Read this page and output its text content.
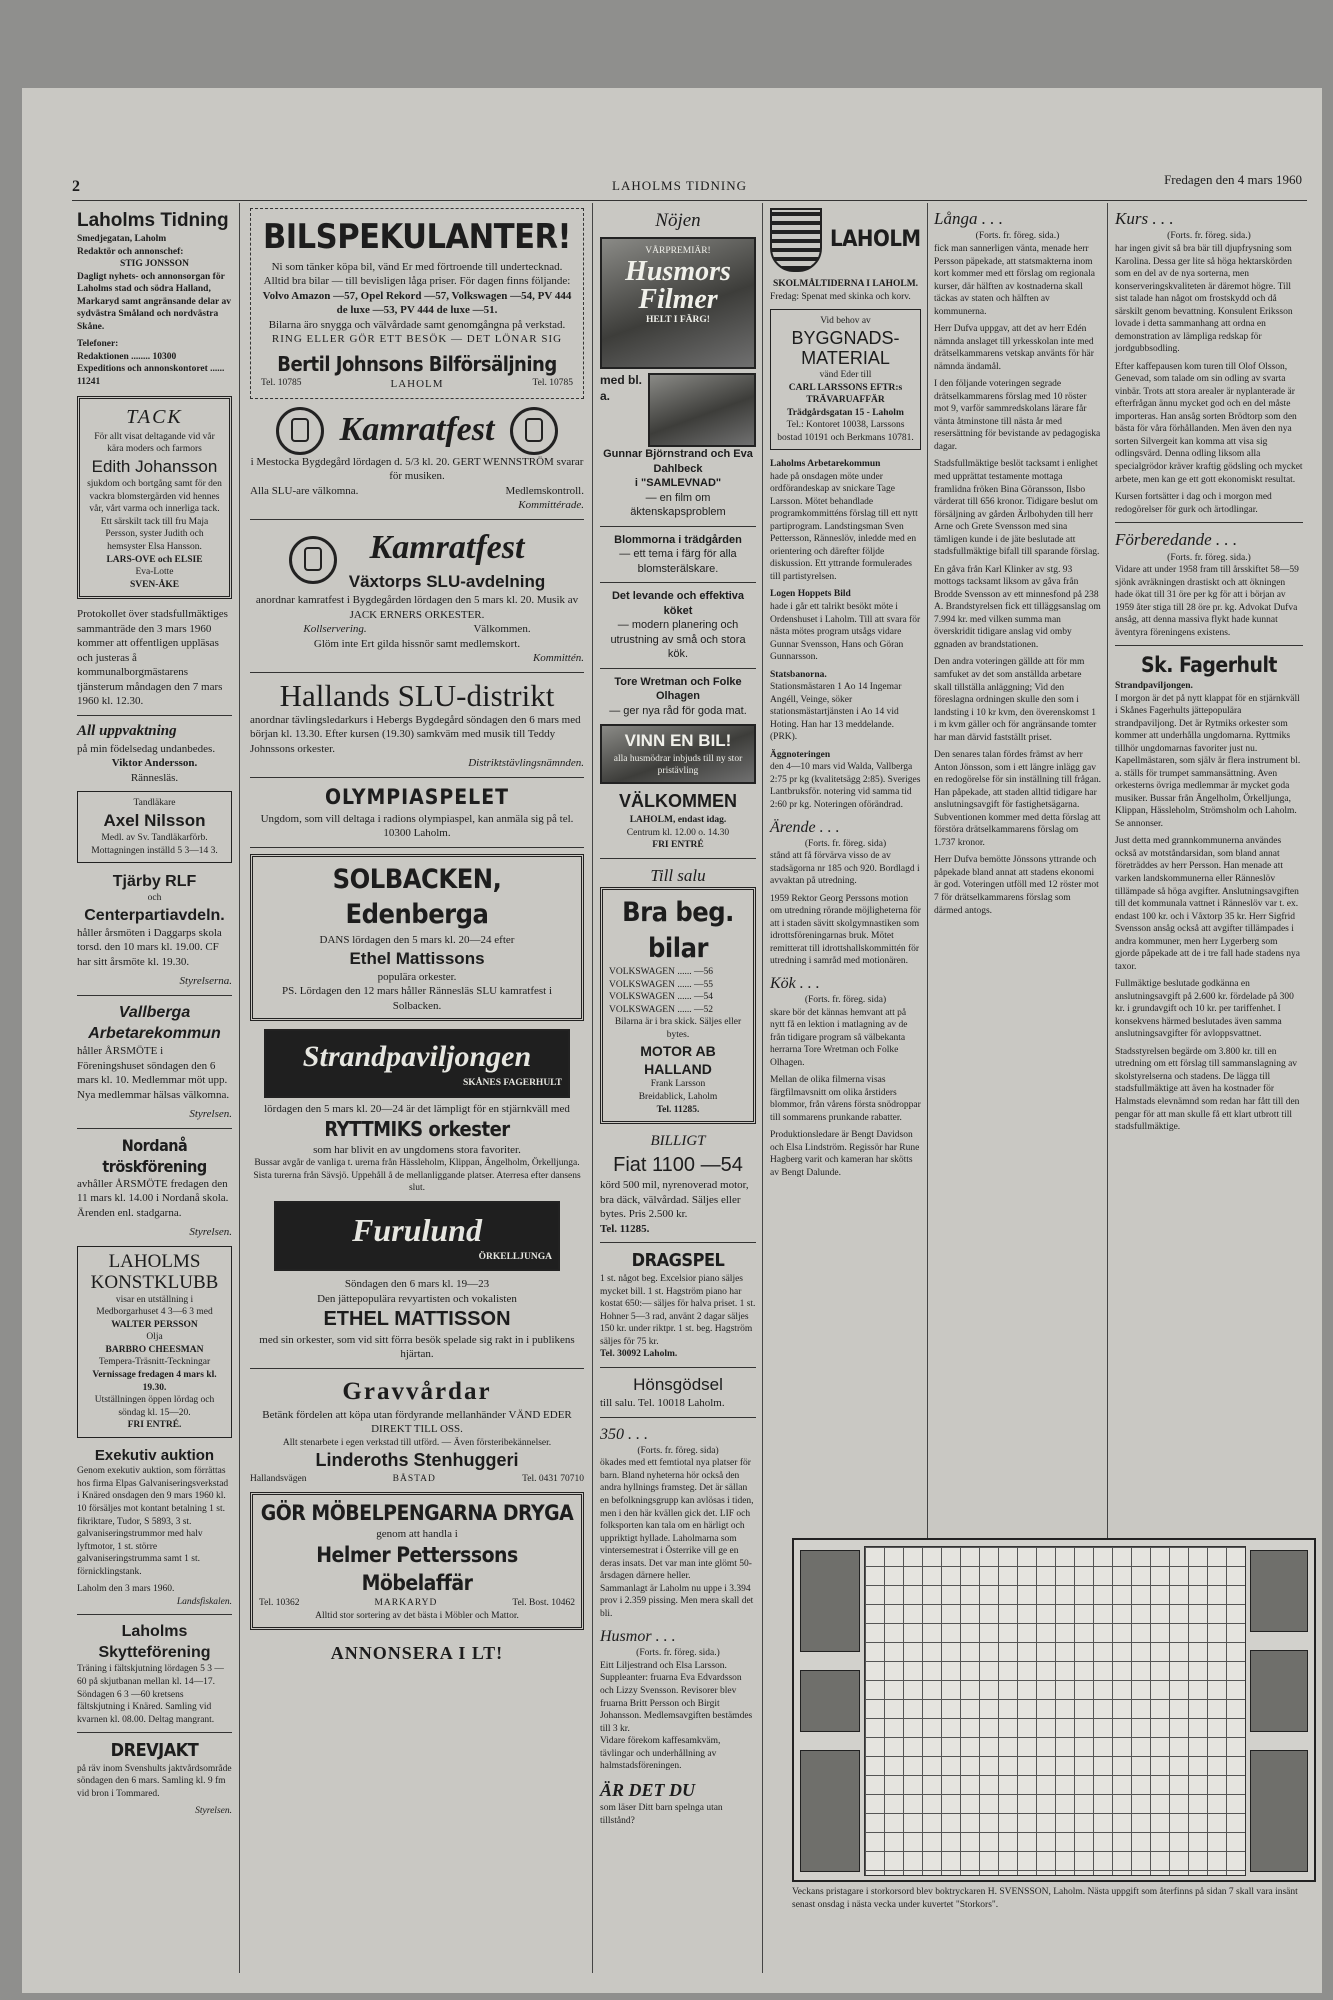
2	LAHOLMS TIDNING	Fredagen den 4 mars 1960
Laholms Tidning
Smedjegatan, Laholm
Redaktör och annonschef:
STIG JONSSON

Dagligt nyhets- och annonsorgan för Laholms stad och södra Halland, Markaryd samt angränsande delar av sydvästra Småland och nordvästra Skåne.

Telefoner:
Redaktionen ........ 10300
Expeditions och annonskontoret ...... 11241
TACK
För allt visat deltagande vid vår kära moders och farmors
Edith Johansson
sjukdom och bortgång samt för den vackra blomstergärden vid hennes vår, vårt varma och innerliga tack. Ett särskilt tack till fru Maja Persson, syster Judith och hemsyster Elsa Hansson.
LARS-OVE och ELSIE
Eva-Lotte
SVEN-ÅKE

Protokollet över stadsfullmäktiges sammanträde den 3 mars 1960 kommer att offentligen uppläsas och justeras å kommunalborgmästarens tjänsterum måndagen den 7 mars 1960 kl. 12.30.

All uppvaktning
på min födelsedag undanbedes.
Viktor Andersson.
Rännesläs.
Tandläkare
Axel Nilsson
Medl. av Sv. Tandläkarförb.
Mottagningen inställd 5 3—14 3.
Tjärby RLF
och
Centerpartiavdeln.

håller årsmöten i Daggarps skola torsd. den 10 mars kl. 19.00. CF har sitt årsmöte kl. 19.30.

Styrelserna.
Vallberga Arbetarekommun

håller ÅRSMÖTE i Föreningshuset söndagen den 6 mars kl. 10. Medlemmar möt upp. Nya medlemmar hälsas välkomna.

Styrelsen.
Nordanå tröskförening

avhåller ÅRSMÖTE fredagen den 11 mars kl. 14.00 i Nordanå skola. Ärenden enl. stadgarna.

Styrelsen.
LAHOLMS KONSTKLUBB
visar en utställning i Medborgarhuset 4 3—6 3 med
WALTER PERSSON
Olja
BARBRO CHEESMAN
Tempera-Träsnitt-Teckningar
Vernissage fredagen 4 mars kl. 19.30.
Utställningen öppen lördag och söndag kl. 15—20.
FRI ENTRÉ.
Exekutiv auktion

Genom exekutiv auktion, som förrättas hos firma Elpas Galvaniseringsverkstad i Knäred onsdagen den 9 mars 1960 kl. 10 försäljes mot kontant betalning 1 st. fikriktare, Tudor, S 5893, 3 st. galvaniseringstrummor med halv lyftmotor, 1 st. större galvaniseringstrumma samt 1 st. förnicklingstank.

Laholm den 3 mars 1960.
Landsfiskalen.
Laholms Skytteförening

Träning i fältskjutning lördagen 5 3 —60 på skjutbanan mellan kl. 14—17. Söndagen 6 3 —60 kretsens fältskjutning i Knäred. Samling vid kvarnen kl. 08.00. Deltag mangrant.

DREVJAKT

på räv inom Svenshults jaktvårdsområde söndagen den 6 mars. Samling kl. 9 fm vid bron i Tommared.

Styrelsen.
BILSPEKULANTER!
Ni som tänker köpa bil, vänd Er med förtroende till undertecknad.
Alltid bra bilar — till bevisligen låga priser. För dagen finns följande:
Volvo Amazon —57, Opel Rekord —57, Volkswagen —54, PV 444 de luxe —53, PV 444 de luxe —51.
Bilarna äro snygga och välvårdade samt genomgångna på verkstad.
RING ELLER GÖR ETT BESÖK — DET LÖNAR SIG
Bertil Johnsons Bilförsäljning
Tel. 10785	LAHOLM	Tel. 10785
Kamratfest
i Mestocka Bygdegård lördagen d. 5/3 kl. 20. GERT WENNSTRÖM svarar för musiken.
Alla SLU-are välkomna.	Medlemskontroll.
Kommittérade.
Kamratfest
Växtorps SLU-avdelning
anordnar kamratfest i Bygdegården lördagen den 5 mars kl. 20. Musik av JACK ERNERS ORKESTER.
Kollservering.	Välkommen.
Glöm inte Ert gilda hissnör samt medlemskort.
Kommittén.
Hallands SLU-distrikt
anordnar tävlingsledarkurs i Hebergs Bygdegård söndagen den 6 mars med början kl. 13.30. Efter kursen (19.30) samkväm med musik till Teddy Johnssons orkester.
Distriktstävlingsnämnden.
OLYMPIASPELET
Ungdom, som vill deltaga i radions olympiaspel, kan anmäla sig på tel. 10300 Laholm.
SOLBACKEN, Edenberga
DANS lördagen den 5 mars kl. 20—24 efter
Ethel Mattissons
populära orkester.
PS. Lördagen den 12 mars håller Rännesläs SLU kamratfest i Solbacken.
Strandpaviljongen
SKÅNES FAGERHULT
lördagen den 5 mars kl. 20—24 är det lämpligt för en stjärnkväll med
RYTTMIKS orkester
som har blivit en av ungdomens stora favoriter.
Bussar avgår de vanliga t. urerna från Hässleholm, Klippan, Ängelholm, Örkelljunga. Sista turerna från Sävsjö. Uppehåll å de mellanliggande platser. Aterresa efter dansens slut.
Furulund
ÖRKELLJUNGA
Söndagen den 6 mars kl. 19—23
Den jättepopulära revyartisten och vokalisten
ETHEL MATTISSON
med sin orkester, som vid sitt förra besök spelade sig rakt in i publikens hjärtan.
Gravvårdar
Betänk fördelen att köpa utan fördyrande mellanhänder VÄND EDER DIREKT TILL OSS.
Allt stenarbete i egen verkstad till utförd. — Även försteribekännelser.
Linderoths Stenhuggeri
Hallandsvägen	BÅSTAD	Tel. 0431 70710
GÖR MÖBELPENGARNA DRYGA
genom att handla i
Helmer Petterssons Möbelaffär
Tel. 10362	MARKARYD	Tel. Bost. 10462
Alltid stor sortering av det bästa i Möbler och Mattor.
ANNONSERA I LT!
Nöjen
VÅRPREMIÄR!
Husmors Filmer
HELT I FÄRG!
med bl. a.
Gunnar Björnstrand och Eva Dahlbeck
i "SAMLEVNAD"
— en film om äktenskapsproblem
Blommorna i trädgården
— ett tema i färg för alla blomsterälskare.
Det levande och effektiva köket
— modern planering och utrustning av små och stora kök.
Tore Wretman och Folke Olhagen
— ger nya råd för goda mat.
VINN EN BIL!
alla husmödrar inbjuds till ny stor pristävling
VÄLKOMMEN
LAHOLM, endast idag.
Centrum kl. 12.00 o. 14.30
FRI ENTRÉ
Till salu
Bra beg. bilar
VOLKSWAGEN ...... —56
VOLKSWAGEN ...... —55
VOLKSWAGEN ...... —54
VOLKSWAGEN ...... —52
Bilarna är i bra skick. Säljes eller bytes.
MOTOR AB HALLAND
Frank Larsson
Breidablick, Laholm
Tel. 11285.
BILLIGT
Fiat 1100 —54
körd 500 mil, nyrenoverad motor, bra däck, välvårdad. Säljes eller bytes. Pris 2.500 kr.
Tel. 11285.
DRAGSPEL
1 st. något beg. Excelsior piano säljes mycket bill. 1 st. Hagström piano har kostat 650:— säljes för halva priset. 1 st. Hohner 5—3 rad, använt 2 dagar säljes 150 kr. under riktpr. 1 st. beg. Hagström säljes för 75 kr.
Tel. 30092 Laholm.
Hönsgödsel
till salu. Tel. 10018 Laholm.
350 . . .
(Forts. fr. föreg. sida)
ökades med ett femtiotal nya platser för barn. Bland nyheterna hör också den andra hyllnings framsteg. Det är sällan en befolkningsgrupp kan avlösas i tiden, men i den här kvällen gick det. LIF och folksporten kan tala om en härligt och uppriktigt hyllade. Laholmarna som vintersemestrat i Österrike vill ge en deras insats. Det var man inte glömt 50-årsdagen därnere heller.
Sammanlagt är Laholm nu uppe i 3.394 prov i 2.359 pissing. Men mera skall det bli.
Husmor . . .
(Forts. fr. föreg. sida.)
Eitt Liljestrand och Elsa Larsson. Suppleanter: fruarna Eva Edvardsson och Lizzy Svensson. Revisorer blev fruarna Britt Persson och Birgit Johansson. Medlemsavgiften bestämdes till 3 kr.
Vidare förekom kaffesamkväm, tävlingar och underhållning av halmstadsföreningen.
ÄR DET DU
som läser Ditt barn spelnga utan tillstånd?
LAHOLM
SKOLMÅLTIDERNA I LAHOLM.
Fredag: Spenat med skinka och korv.
Vid behov av
BYGGNADS-MATERIAL
vänd Eder till
CARL LARSSONS EFTR:s TRÄVARUAFFÄR
Trädgårdsgatan 15 - Laholm
Tel.: Kontoret 10038, Larssons bostad 10191 och Berkmans 10781.
Laholms Arbetarekommun

hade på onsdagen möte under ordförandeskap av snickare Tage Larsson. Mötet behandlade programkommitténs förslag till ett nytt partiprogram. Landstingsman Sven Pettersson, Ränneslöv, inledde med en orientering och därefter följde diskussion. Ett yttrande formulerades till partistyrelsen.

Logen Hoppets Bild

hade i går ett talrikt besökt möte i Ordenshuset i Laholm. Till att svara för nästa mötes program utsågs vidare Gunnar Svensson, Hans och Göran Gunnarsson.

Statsbanorna.

Stationsmästaren 1 Ao 14 Ingemar Angéll, Veinge, söker stationsmästartjänsten i Ao 14 vid Hoting. Han har 13 meddelande. (PRK).

Äggnoteringen

den 4—10 mars vid Walda, Vallberga 2:75 pr kg (kvalitetsägg 2:85). Sveriges Lantbruksför. notering vid samma tid 2:60 pr kg. Noteringen oförändrad.

Ärende . . .
(Forts. fr. föreg. sida)

stånd att få förvärva visso de av stadsägorna nr 185 och 920. Bordlagd i avvaktan på utredning.

1959 Rektor Georg Perssons motion om utredning rörande möjligheterna för att i staden sävitt skolgymnastiken som idrottsföreningarnas bruk. Mötet remitterat till idrottshallskommittén för utredning i samråd med motionären.

Kök . . .
(Forts. fr. föreg. sida)

skare bör det kännas hemvant att på nytt få en lektion i matlagning av de från tidigare program så välbekanta herrarna Tore Wretman och Folke Olhagen.

Mellan de olika filmerna visas färgfilmavsnitt om olika årstiders blommor, från vårens första snödroppar till sommarens prunkande rabatter.

Produktionsledare är Bengt Davidson och Elsa Lindström. Regissör har Rune Hagberg varit och kameran har skötts av Bengt Dalunde.

Långa . . .
(Forts. fr. föreg. sida.)

fick man sannerligen vänta, menade herr Persson päpekade, att statsmakterna inom kort kommer med ett förslag om regionala kurser, där hälften av kostnaderna skall täckas av staten och hälften av kommunerna.

Herr Dufva uppgav, att det av herr Edén nämnda anslaget till yrkesskolan inte med drätselkammarens vetskap använts för här nämnda ändamål.

I den följande voteringen segrade drätselkammarens förslag med 10 röster mot 9, varför sammredskolans lärare får vänta åtminstone till nästa år med resersättning för bevistande av pedagogiska dagar.

Stadsfullmäktige beslöt tacksamt i enlighet med upprättat testamente mottaga framlidna fröken Bina Göransson, Ilsbo värderat till 656 kronor. Tidigare beslut om försäljning av gården Ärlbohyden till herr Arne och Grete Svensson med sina tämligen kunde i de jäte beslutade att stadsfullmäktige bifall till sparande förslag.

En gåva från Karl Klinker av stg. 93 mottogs tacksamt liksom av gåva från Brodde Svensson av ett minnesfond på 238 A. Brandstyrelsen fick ett tilläggsanslag om 7.994 kr. med vilken summa man överskridit tidigare anslag vid omby ggnaden av brandstationen.

Den andra voteringen gällde att för mm samfuket av det som anställda arbetare skall tillställa anläggning; Vid den föreslagna ordningen skulle den som i landsting i 10 kr kvm, den överenskomst 1 i m kvm gäller och för angränsande tomter har man därvid fastställt priset.

Den senares talan fördes främst av herr Anton Jönsson, som i ett längre inlägg gav en redogörelse för sin inställning till frågan. Han påpekade, att staden alltid tidigare har anslutningsavgift för fastighetsägarna. Subventionen kommer med detta förslag att förstöra drätselkammarens förslag om 1.737 kronor.

Herr Dufva bemötte Jönssons yttrande och påpekade bland annat att stadens ekonomi är god. Voteringen utföll med 12 röster mot 7 för drätselkammarens förslag som därmed antogs.

Kurs . . .
(Forts. fr. föreg. sida.)

har ingen givit så bra bär till djupfrysning som Karolina. Dessa ger lite så höga hektarskörden som en del av de nya sorterna, men konserveringskvaliteten är däremot högre. Till sist talade han något om frostskydd och då särskilt genom bevattning. Konsulent Eriksson lovade i detta sammanhang att ordna en demonstration av lämpliga redskap för jordgubbsodling.

Efter kaffepausen kom turen till Olof Olsson, Genevad, som talade om sin odling av svarta vinbär. Trots att stora arealer är nyplanterade är efterfrågan ännu mycket god och en del måste importeras. Han ansåg sorten Brödtorp som den bästa för våra förhållanden. Men även den nya sorten Silvergeit kan komma att visa sig odlingsvärd. Denna odling liksom alla specialgrödor kräver kraftig gödsling och mycket arbete, men kan ge ett gott ekonomiskt resultat.

Kursen fortsätter i dag och i morgon med redogörelser för gurk och ärtodlingar.

Förberedande . . .
(Forts. fr. föreg. sida.)

Vidare att under 1958 fram till årsskiftet 58—59 sjönk avräkningen drastiskt och att ökningen hade ökat till 31 öre per kg för att i början av 1959 åter stiga till 28 öre pr. kg. Advokat Dufva ansåg, att denna massiva flykt hade kunnat äventyra föreningens existens.

Sk. Fagerhult
Strandpaviljongen.

I morgon är det på nytt klappat för en stjärnkväll i Skånes Fagerhults jättepopulära strandpaviljong. Det är Rytmiks orkester som kommer att underhålla ungdomarna. Ryttmiks tillhör ungdomarnas favoriter just nu. Kapellmästaren, som själv är flera instrument bl. a. ställs för trumpet sammansättning. Aven orkesterns övriga medlemmar är mycket goda musiker. Bussar från Ängelholm, Örkelljunga, Klippan, Hässleholm, Strömsholm och Laholm. Se annonser.

Just detta med grannkommunerna användes också av motståndarsidan, som bland annat företräddes av herr Persson. Han menade att varken landskommunerna eller Ränneslöv tillämpade så höga avgifter. Anslutningsavgiften till det kommunala vattnet i Ränneslöv var t. ex. endast 100 kr. och i Våxtorp 35 kr. Herr Sigfrid Svensson ansåg också att avgifter tillämpades i andra kommuner, men herr Lygerberg som gjorde påpekade att de i tre fall hade stadens nya taxor.

Fullmäktige beslutade godkänna en anslutningsavgift på 2.600 kr. fördelade på 300 kr. i grundavgift och 10 kr. per tariffenhet. I konsekvens härmed beslutades även samma anslutningsavgifter för avloppsvattnet.

Stadsstyrelsen begärde om 3.800 kr. till en utredning om ett förslag till sammanslagning av skolstyrelserna och stadens. De lägga till stadsfullmäktige att även ha kostnader för Halmstads elevnämnd som redan har fått till den pengar för att man skulle få ett klart utbrott till stadsfullmäktige.

Veckans pristagare i storkorsord blev boktryckaren H. SVENSSON, Laholm. Nästa uppgift som återfinns på sidan 7 skall vara insänt senast onsdag i nästa vecka under kuvertet "Storkors".
